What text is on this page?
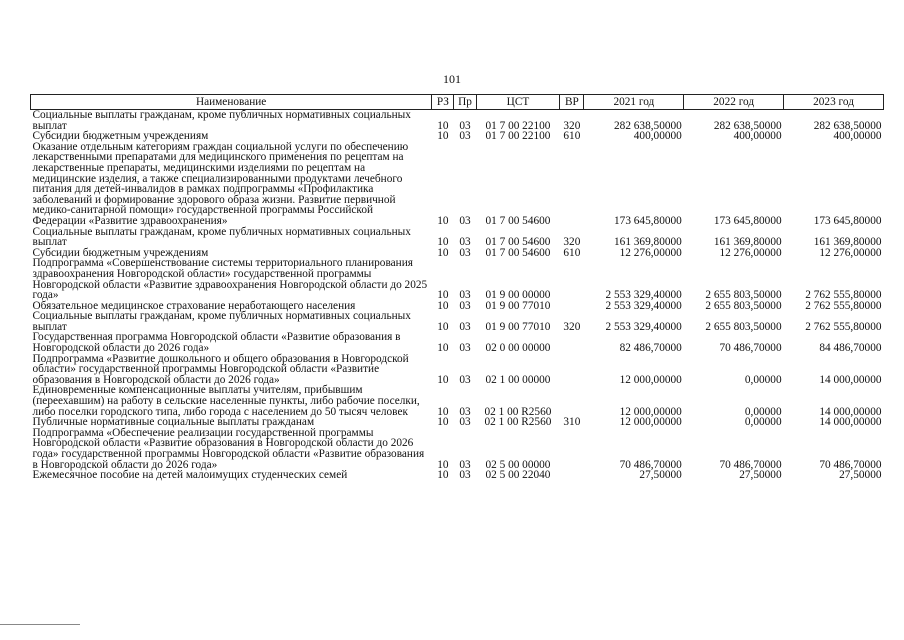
101
Наименование	РЗ	Пр	ЦСТ	ВР	2021 год	2022 год	2023 год
Социальные выплаты гражданам, кроме публичных нормативных социальных выплат	10	03	01 7 00 22100	320	282 638,50000	282 638,50000	282 638,50000
Субсидии бюджетным учреждениям	10	03	01 7 00 22100	610	400,00000	400,00000	400,00000
Оказание отдельным категориям граждан социальной услуги по обеспечению лекарственными препаратами для медицинского применения по рецептам на лекарственные препараты, медицинскими изделиями по рецептам на медицинские изделия, а также специализированными продуктами лечебного питания для детей-инвалидов в рамках подпрограммы «Профилактика заболеваний и формирование здорового образа жизни. Развитие первичной медико-санитарной помощи» государственной программы Российской Федерации «Развитие здравоохранения»	10	03	01 7 00 54600		173 645,80000	173 645,80000	173 645,80000
Социальные выплаты гражданам, кроме публичных нормативных социальных выплат	10	03	01 7 00 54600	320	161 369,80000	161 369,80000	161 369,80000
Субсидии бюджетным учреждениям	10	03	01 7 00 54600	610	12 276,00000	12 276,00000	12 276,00000
Подпрограмма «Совершенствование системы территориального планирования здравоохранения Новгородской области» государственной программы Новгородской области «Развитие здравоохранения Новгородской области до 2025 года»	10	03	01 9 00 00000		2 553 329,40000	2 655 803,50000	2 762 555,80000
Обязательное медицинское страхование неработающего населения	10	03	01 9 00 77010		2 553 329,40000	2 655 803,50000	2 762 555,80000
Социальные выплаты гражданам, кроме публичных нормативных социальных выплат	10	03	01 9 00 77010	320	2 553 329,40000	2 655 803,50000	2 762 555,80000
Государственная программа Новгородской области «Развитие образования в Новгородской области до 2026 года»	10	03	02 0 00 00000		82 486,70000	70 486,70000	84 486,70000
Подпрограмма «Развитие дошкольного и общего образования в Новгородской области» государственной программы Новгородской области «Развитие образования в Новгородской области до 2026 года»	10	03	02 1 00 00000		12 000,00000	0,00000	14 000,00000
Единовременные компенсационные выплаты учителям, прибывшим (переехавшим) на работу в сельские населенные пункты, либо рабочие поселки, либо поселки городского типа, либо города с населением до 50 тысяч человек	10	03	02 1 00 R2560		12 000,00000	0,00000	14 000,00000
Публичные нормативные социальные выплаты гражданам	10	03	02 1 00 R2560	310	12 000,00000	0,00000	14 000,00000
Подпрограмма «Обеспечение реализации государственной программы Новгородской области «Развитие образования в Новгородской области до 2026 года» государственной программы Новгородской области «Развитие образования в Новгородской области до 2026 года»	10	03	02 5 00 00000		70 486,70000	70 486,70000	70 486,70000
Ежемесячное пособие на детей малоимущих студенческих семей	10	03	02 5 00 22040		27,50000	27,50000	27,50000
